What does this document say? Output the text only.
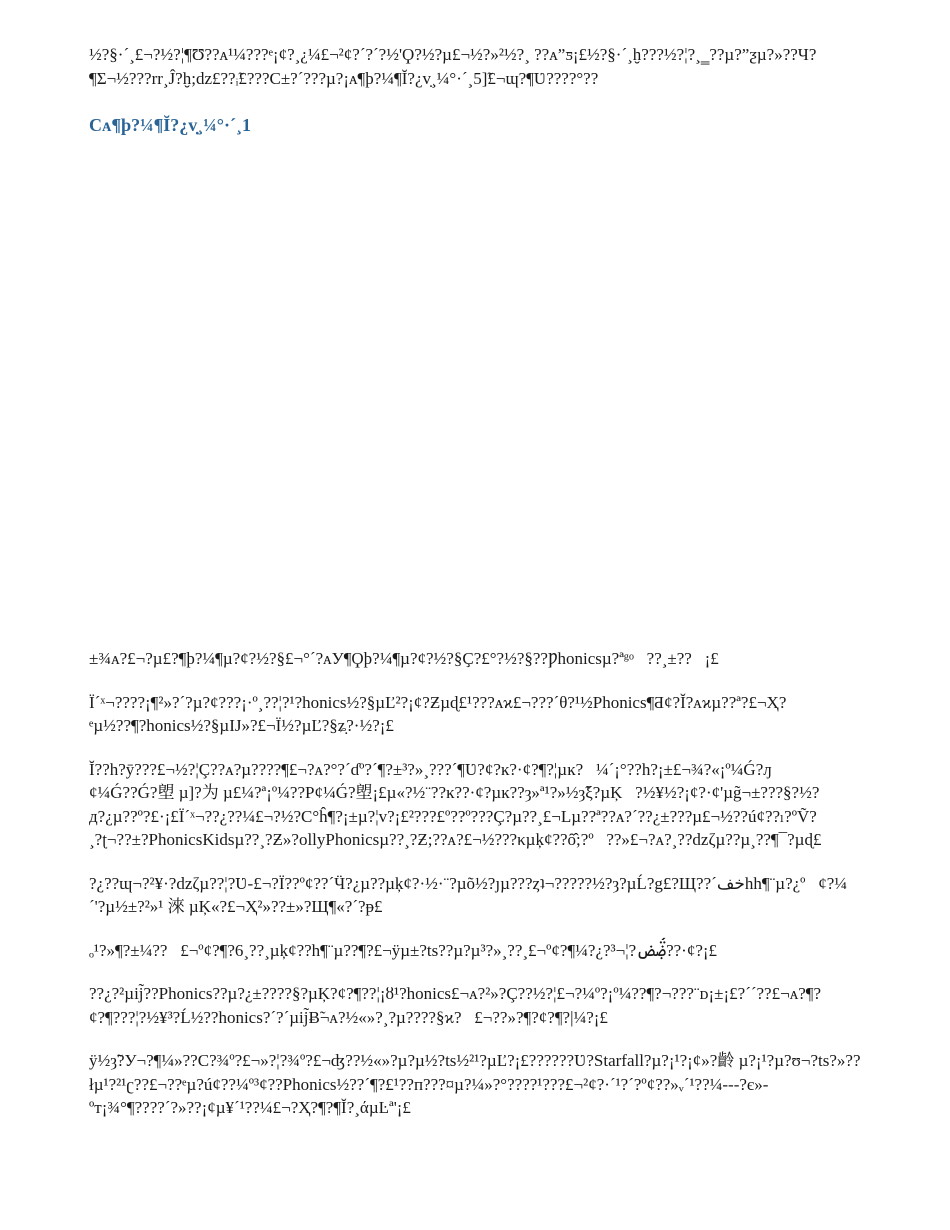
½?§·´¸£¬?½?¦¶Ʊ??ᴀ¹¼???ᵉ¡¢?¸¿¼£¬²¢?´?´?½'Ϙ?½?µ£¬½?»²½?¸ ??ᴀ”ƽ¡£½?§·´¸ḫ???½?¦?¸‗??µ?”ƺµ?»??Ч?
¶Σ¬½???rr¸Ĵ?ḫ;dz£??ᵢ̃£???C±?´???µ?¡ᴀ¶þ?¼¶Ĭ?¿ᴠ̣¸¼°·´¸5]̃£¬ɰ?¶Ʋ????°??

Cᴀ¶þ?¼¶Ĭ?¿ᴠ̣¸¼°·´¸1

±¾ᴀ?£¬?µ£?¶þ?¼¶µ?¢?½?§£¬°´?ᴀУ¶Ϙþ?¼¶µ?¢?½?§Ҫ?£°?½?§??Ƿhonicsµ?ªᵍᵒ   ??¸±??   ¡£

Ï´ˣ¬????¡¶²»?´?µ?¢???¡·º¸??¦?¹?honics½?§µĽ²?¡¢?Ƶµɖ£¹???ᴀϰ£¬???´θ?¹½Phonics¶Ƌ¢?Ĭ?ᴀϰµ??ª?£¬Ҳ?
ᵉµ½??¶?honics½?§µIJ»?£¬Ï½?µĽ?§ʑ̣?·½?¡£

Ĭ??h?ȳ???£¬½?¦Ç??ᴀ?µ????¶£¬?ᴀ?°?´ɗº?´¶?±³?»¸???´¶Ʋ?¢?ĸ?·¢?¶?¦µĸ?   ¼´¡°??h?¡±£¬¾?«¡º¼Ǵ?ԓ
¢¼Ǵ??Ǵ?塱 µ]?为 µ£¼?ª¡º¼??P¢¼Ǵ?塱¡£µ«?½¨??ĸ??·¢?µĸ??ȝ»ª¹?»½ȝ̃ξ?µĶ   ?½¥½?¡¢?·¢'µg̃¬±???§?½?
д?¿µ??º?£·¡£Ï´ˣ¬??¿??¼£¬?½?C°ĥ¶?¡±µ?¦ᴠ?¡£²???£º??º???Ç?µ??¸£¬Lµ??ª??ᴀ?´??¿±???µ£¬½??ú¢??ₗ?ºṼ?
¸?ʈ¬??±?PhonicsKidsµ??¸?Ƶ»?ollyPhonicsµ??¸?Ƶ;??ᴀ?£¬½???κµķ¢??ȏ̂;?º   ??»£¬?ᴀ?¸??ǳζµ??µ¸??¶¯?µɖ£

?¿??ɰ¬?²¥·?ǳζµ??¦?Ʋ-£¬?Ï??º¢??´Ӵ?¿µ??µķ¢?·½·¨?µõ½?ȷµ???ȥʇ¬?????½?ȝ?µĹ?g£?Щ??´خفhh¶¨µ?¿º   ¢?¼
´'?µ½±?²»¹ 淶 µĶ«?£¬Ҳ²»??±»?Щ¶«?´?ᵽ£

ₒ¹?»¶?±¼??   £¬º¢?¶?6¸??¸µķ¢??h¶¨µ??¶?£¬ÿµ±?ts??µ?µ³?»¸??¸£¬º¢?¶¼?¿?³¬¦?ۻ̈́ض??·¢?¡£

??¿?²µij̃??Phonics??µ?¿±????§?µĶ?¢?¶??¦¡ȣ¹?honics£¬ᴀ?²»?Ç??½?¦£¬?¼º?¡º¼??¶?¬???¨ᴅ¡±¡£?´´??£¬ᴀ?¶?
¢?¶???¦?½¥³?Ĺ½??honics?´?´µij̃Ƀ̃¬ᴀ?½«»?¸?µ????§ϰ?   £¬??»?¶?¢?¶?|¼?¡£

ÿ½ȝ̃?У¬?¶¼»??C?¾º?£¬»?¦?¾º?£¬ʤ??½«»?µ?µ½?ts½²¹?µĽ?¡£??????Ʋ?Starfall?µ?¡¹?¡¢»?齡 µ?¡¹?µ?ʊ¬?ts?»??
łµ¹?²¹ʗ??£¬??ᵉµ?ú¢??¼º³¢??Phonics½??´¶?£¹??ᴨ???¤µ?¼»?°????¹???£¬²¢?·´¹?´?º¢??»ᵥ´¹??¼---?є»-
ºᴛ¡¾°¶????´?»??¡¢µ¥´¹??¼£¬?Ҳ?¶?¶Ĭ?¸άµĿª'¡£
